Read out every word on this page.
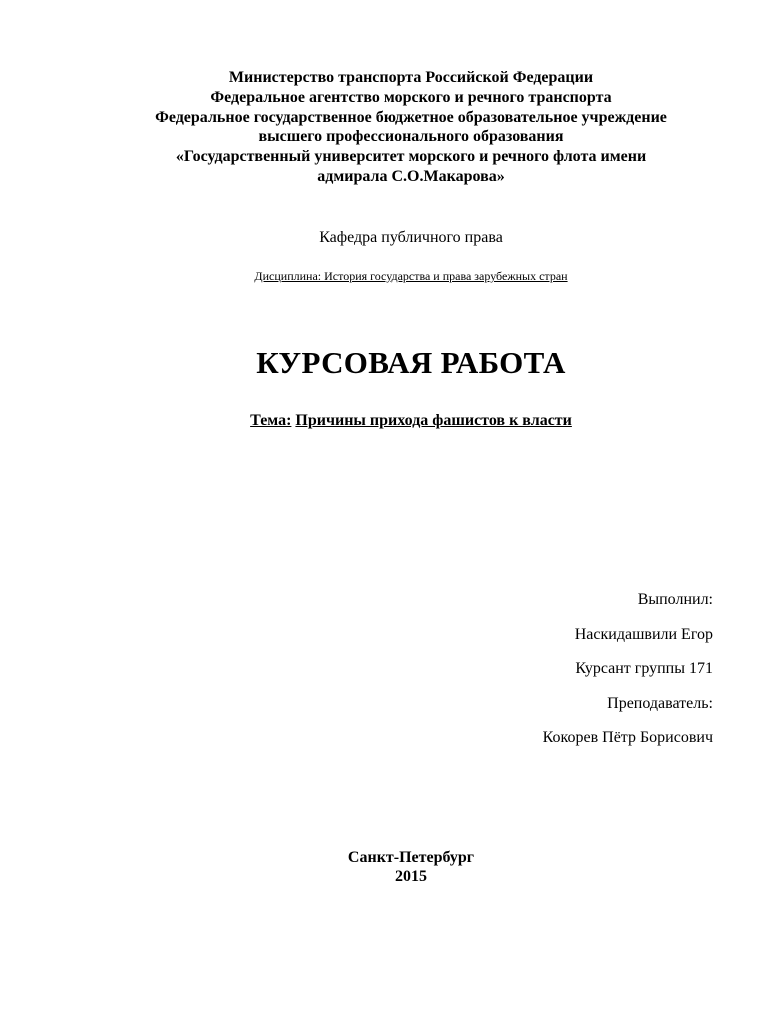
Министерство транспорта Российской Федерации
Федеральное агентство морского и речного транспорта
Федеральное государственное бюджетное образовательное учреждение
высшего профессионального образования
«Государственный университет морского и речного флота имени
адмирала С.О.Макарова»
Кафедра публичного права
Дисциплина: История государства и права зарубежных стран
КУРСОВАЯ РАБОТА
Тема: Причины прихода фашистов к власти
Выполнил:
Наскидашвили Егор
Курсант группы 171
Преподаватель:
Кокорев Пётр Борисович
Санкт-Петербург
2015
